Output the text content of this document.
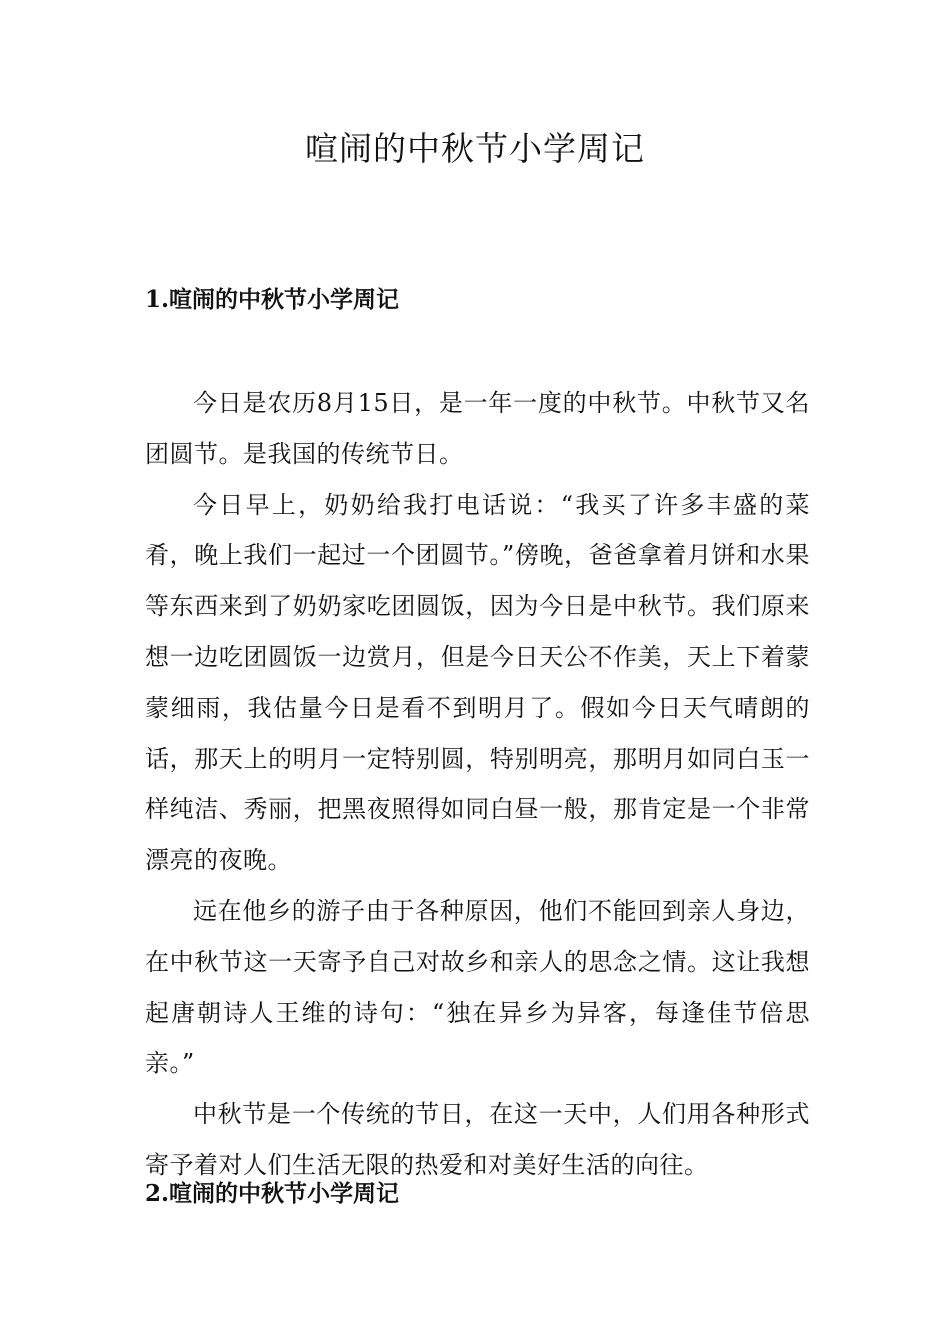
喧闹的中秋节小学周记
1.喧闹的中秋节小学周记

今日是农历8月15日，是一年一度的中秋节。中秋节又名团圆节。是我国的传统节日。

今日早上，奶奶给我打电话说：“我买了许多丰盛的菜肴，晚上我们一起过一个团圆节。”傍晚，爸爸拿着月饼和水果等东西来到了奶奶家吃团圆饭，因为今日是中秋节。我们原来想一边吃团圆饭一边赏月，但是今日天公不作美，天上下着蒙蒙细雨，我估量今日是看不到明月了。假如今日天气晴朗的话，那天上的明月一定特别圆，特别明亮，那明月如同白玉一样纯洁、秀丽，把黑夜照得如同白昼一般，那肯定是一个非常漂亮的夜晚。

远在他乡的游子由于各种原因，他们不能回到亲人身边，在中秋节这一天寄予自己对故乡和亲人的思念之情。这让我想起唐朝诗人王维的诗句：“独在异乡为异客，每逢佳节倍思亲。”

中秋节是一个传统的节日，在这一天中，人们用各种形式寄予着对人们生活无限的热爱和对美好生活的向往。

2.喧闹的中秋节小学周记
